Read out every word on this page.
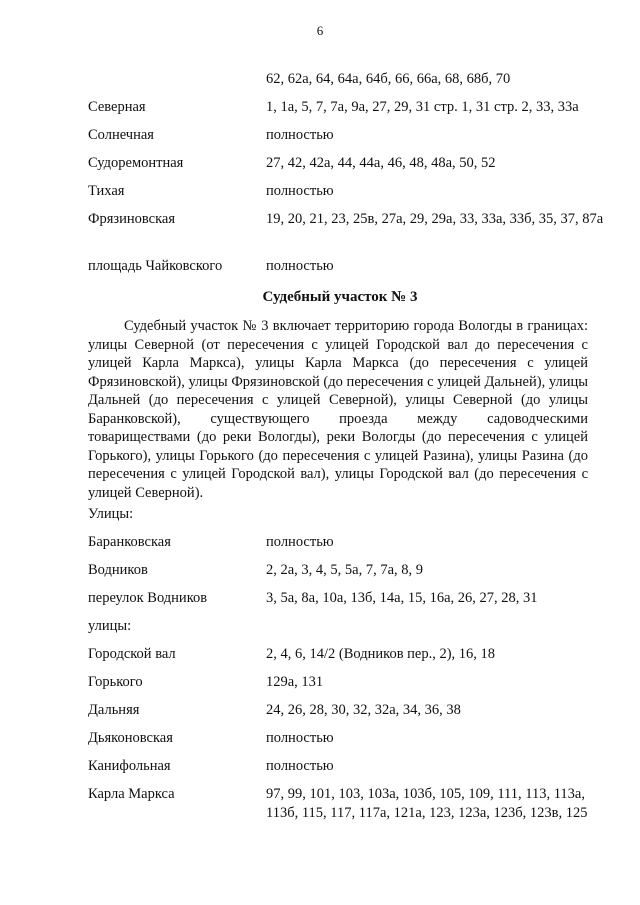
6
62, 62а, 64, 64а, 64б, 66, 66а, 68, 68б, 70
Северная	1, 1а, 5, 7, 7а, 9а, 27, 29, 31 стр. 1, 31 стр. 2, 33, 33а
Солнечная	полностью
Судоремонтная	27, 42, 42а, 44, 44а, 46, 48, 48а, 50, 52
Тихая	полностью
Фрязиновская	19, 20, 21, 23, 25в, 27а, 29, 29а, 33, 33а, 33б, 35, 37, 87а
площадь Чайковского	полностью
Судебный участок № 3
Судебный участок № 3 включает территорию города Вологды в границах: улицы Северной (от пересечения с улицей Городской вал до пересечения с улицей Карла Маркса), улицы Карла Маркса (до пересечения с улицей Фрязиновской), улицы Фрязиновской (до пересечения с улицей Дальней), улицы Дальней (до пересечения с улицей Северной), улицы Северной (до улицы Баранковской), существующего проезда между садоводческими товариществами (до реки Вологды), реки Вологды (до пересечения с улицей Горького), улицы Горького (до пересечения с улицей Разина), улицы Разина (до пересечения с улицей Городской вал), улицы Городской вал (до пересечения с улицей Северной).
Улицы:
Баранковская	полностью
Водников	2, 2а, 3, 4, 5, 5а, 7, 7а, 8, 9
переулок Водников	3, 5а, 8а, 10а, 13б, 14а, 15, 16а, 26, 27, 28, 31
улицы:
Городской вал	2, 4, 6, 14/2 (Водников пер., 2), 16, 18
Горького	129а, 131
Дальняя	24, 26, 28, 30, 32, 32а, 34, 36, 38
Дьяконовская	полностью
Канифольная	полностью
Карла Маркса	97, 99, 101, 103, 103а, 103б, 105, 109, 111, 113, 113а, 113б, 115, 117, 117а, 121а, 123, 123а, 123б, 123в, 125
